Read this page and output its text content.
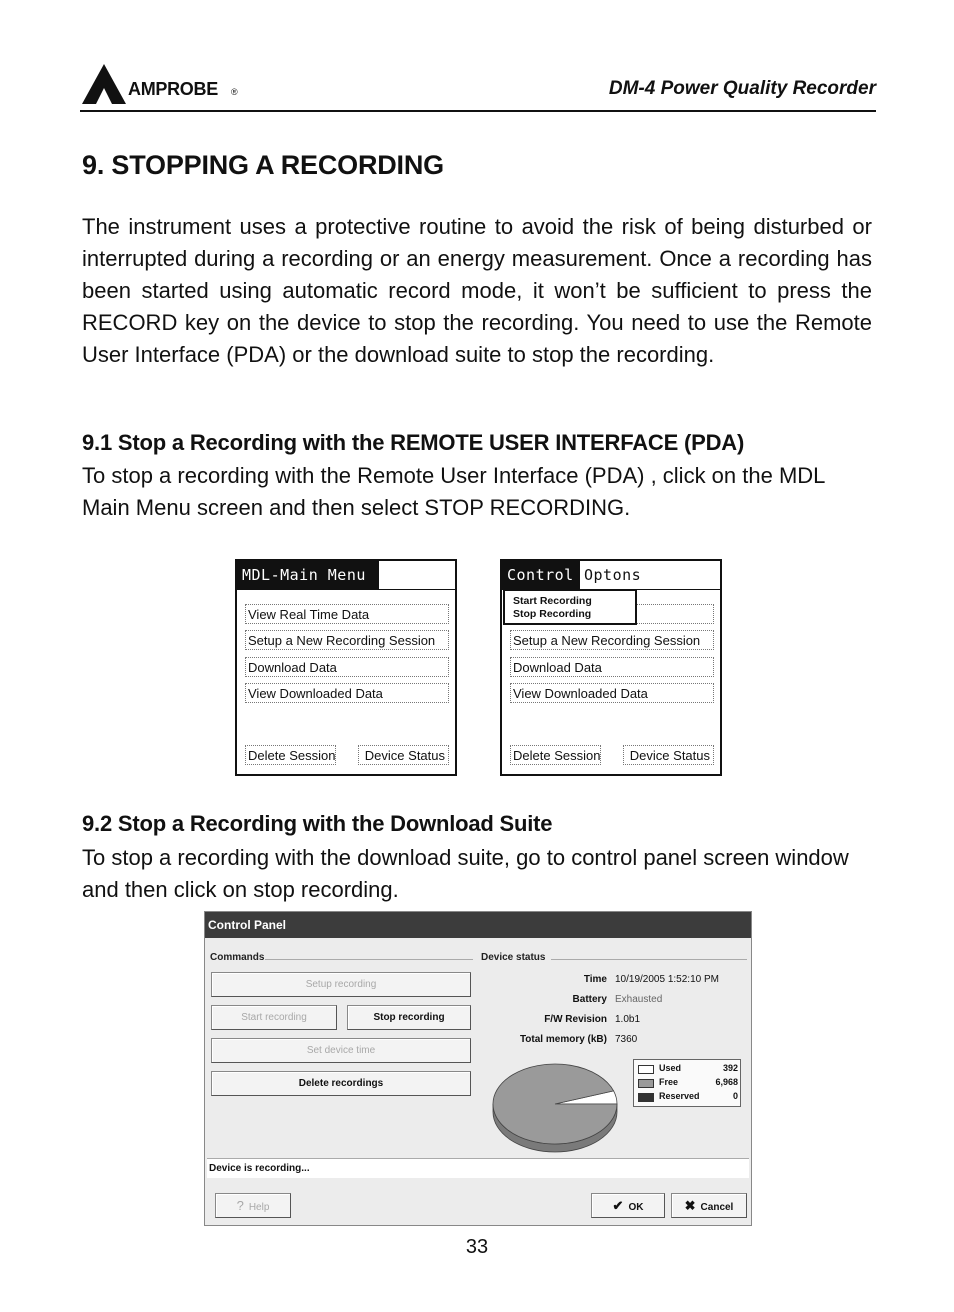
AMPROBE ®	DM-4 Power Quality Recorder
9. STOPPING A RECORDING

The instrument uses a protective routine to avoid the risk of being disturbed or interrupted during a recording or an energy measurement. Once a recording has been started using automatic record mode, it won’t be sufficient to press the RECORD key on the device to stop the recording. You need to use the Remote User Interface (PDA) or the download suite to stop the recording.

9.1 Stop a Recording with the REMOTE USER INTERFACE (PDA)

To stop a recording with the Remote User Interface (PDA) , click on the MDL Main Menu screen and then select STOP RECORDING.

MDL-Main Menu
View Real Time Data
Setup a New Recording Session
Download Data
View Downloaded Data
Delete Session	Device Status
Control Optons
Setup a New Recording Session
Download Data
View Downloaded Data
Delete Session	Device Status
Start Recording
Stop Recording
9.2 Stop a Recording with the Download Suite

To stop a recording with the download suite, go to control panel screen window and then click on stop recording.

Control Panel
Commands	Device status
Setup recording
Start recording	Stop recording
Set device time
Delete recordings
Time 10/19/2005 1:52:10 PM
Battery Exhausted
F/W Revision 1.0b1
Total memory (kB) 7360
Used	392
Free	6,968
Reserved	0
Device is recording...
? Help	✔ OK	✖ Cancel
33
